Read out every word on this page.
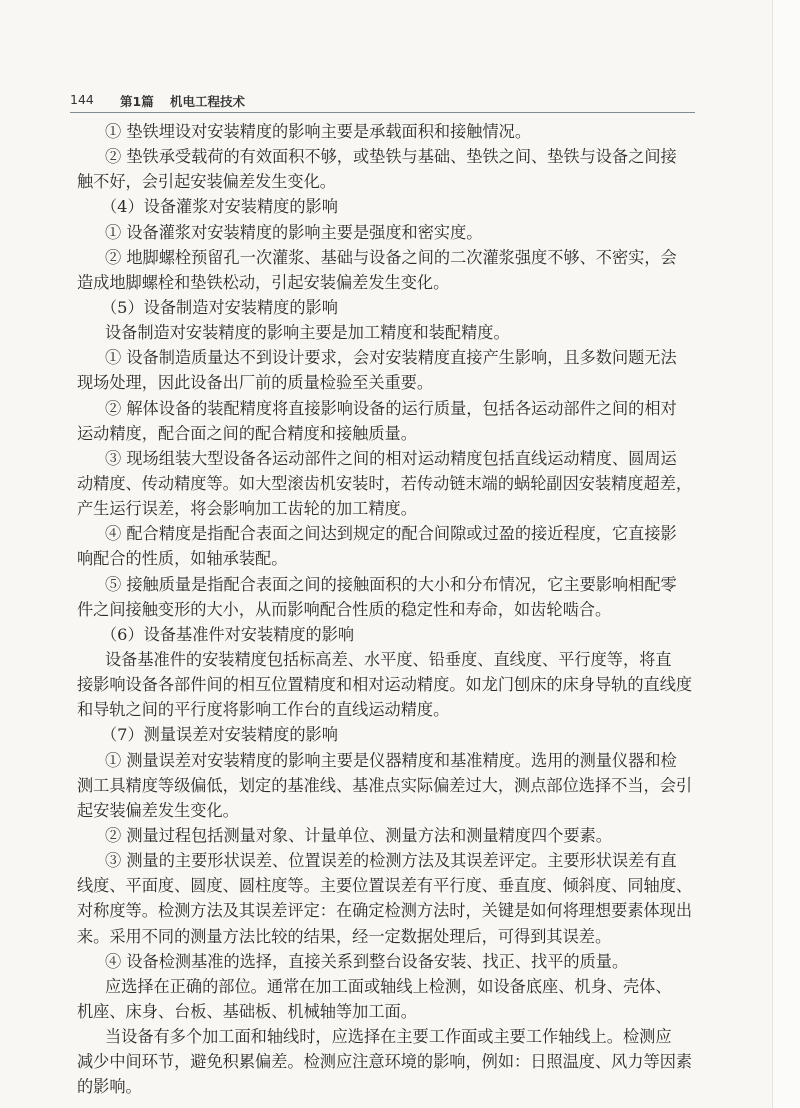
144 第1篇 机电工程技术
① 垫铁埋设对安装精度的影响主要是承载面积和接触情况。
② 垫铁承受载荷的有效面积不够，或垫铁与基础、垫铁之间、垫铁与设备之间接
触不好，会引起安装偏差发生变化。
（4）设备灌浆对安装精度的影响
① 设备灌浆对安装精度的影响主要是强度和密实度。
② 地脚螺栓预留孔一次灌浆、基础与设备之间的二次灌浆强度不够、不密实，会
造成地脚螺栓和垫铁松动，引起安装偏差发生变化。
（5）设备制造对安装精度的影响
设备制造对安装精度的影响主要是加工精度和装配精度。
① 设备制造质量达不到设计要求，会对安装精度直接产生影响，且多数问题无法
现场处理，因此设备出厂前的质量检验至关重要。
② 解体设备的装配精度将直接影响设备的运行质量，包括各运动部件之间的相对
运动精度，配合面之间的配合精度和接触质量。
③ 现场组装大型设备各运动部件之间的相对运动精度包括直线运动精度、圆周运
动精度、传动精度等。如大型滚齿机安装时，若传动链末端的蜗轮副因安装精度超差，
产生运行误差，将会影响加工齿轮的加工精度。
④ 配合精度是指配合表面之间达到规定的配合间隙或过盈的接近程度，它直接影
响配合的性质，如轴承装配。
⑤ 接触质量是指配合表面之间的接触面积的大小和分布情况，它主要影响相配零
件之间接触变形的大小，从而影响配合性质的稳定性和寿命，如齿轮啮合。
（6）设备基准件对安装精度的影响
设备基准件的安装精度包括标高差、水平度、铅垂度、直线度、平行度等，将直
接影响设备各部件间的相互位置精度和相对运动精度。如龙门刨床的床身导轨的直线度
和导轨之间的平行度将影响工作台的直线运动精度。
（7）测量误差对安装精度的影响
① 测量误差对安装精度的影响主要是仪器精度和基准精度。选用的测量仪器和检
测工具精度等级偏低，划定的基准线、基准点实际偏差过大，测点部位选择不当，会引
起安装偏差发生变化。
② 测量过程包括测量对象、计量单位、测量方法和测量精度四个要素。
③ 测量的主要形状误差、位置误差的检测方法及其误差评定。主要形状误差有直
线度、平面度、圆度、圆柱度等。主要位置误差有平行度、垂直度、倾斜度、同轴度、
对称度等。检测方法及其误差评定：在确定检测方法时，关键是如何将理想要素体现出
来。采用不同的测量方法比较的结果，经一定数据处理后，可得到其误差。
④ 设备检测基准的选择，直接关系到整台设备安装、找正、找平的质量。
应选择在正确的部位。通常在加工面或轴线上检测，如设备底座、机身、壳体、
机座、床身、台板、基础板、机械轴等加工面。
当设备有多个加工面和轴线时，应选择在主要工作面或主要工作轴线上。检测应
减少中间环节，避免积累偏差。检测应注意环境的影响，例如：日照温度、风力等因素
的影响。
